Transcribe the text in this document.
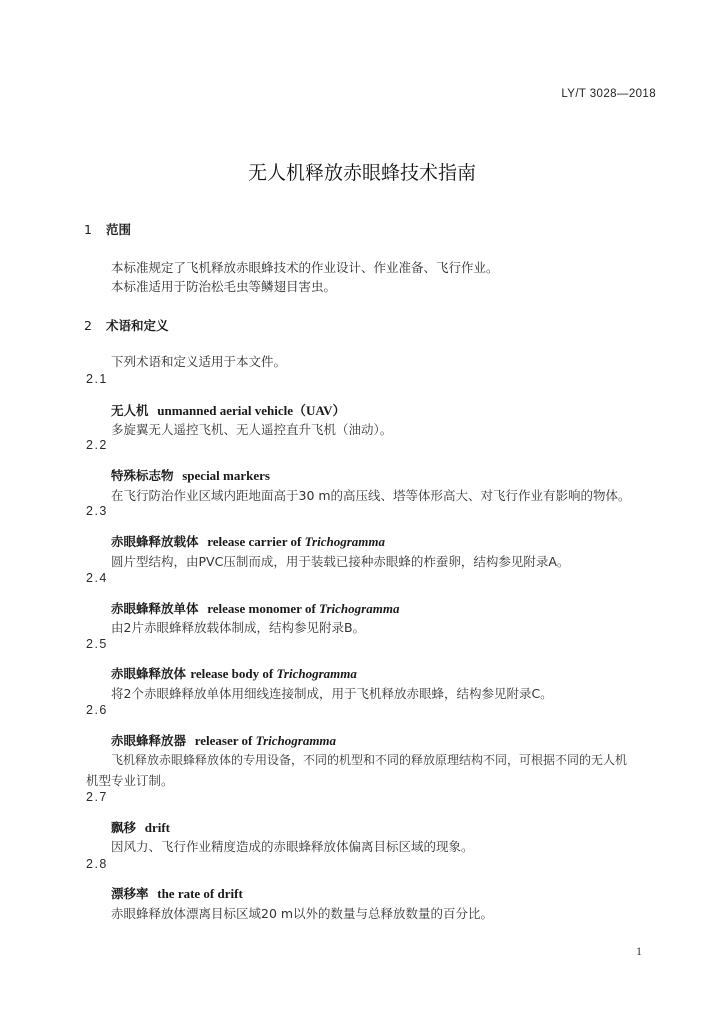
LY/T 3028—2018
无人机释放赤眼蜂技术指南
1 范围
本标准规定了飞机释放赤眼蜂技术的作业设计、作业准备、飞行作业。
本标准适用于防治松毛虫等鳞翅目害虫。
2 术语和定义
下列术语和定义适用于本文件。
2.1
无人机 unmanned aerial vehicle（UAV）
多旋翼无人遥控飞机、无人遥控直升飞机（油动）。
2.2
特殊标志物 special markers
在飞行防治作业区域内距地面高于30 m的高压线、塔等体形高大、对飞行作业有影响的物体。
2.3
赤眼蜂释放载体 release carrier of Trichogramma
圆片型结构，由PVC压制而成，用于装载已接种赤眼蜂的柞蚕卵，结构参见附录A。
2.4
赤眼蜂释放单体 release monomer of Trichogramma
由2片赤眼蜂释放载体制成，结构参见附录B。
2.5
赤眼蜂释放体 release body of Trichogramma
将2个赤眼蜂释放单体用细线连接制成，用于飞机释放赤眼蜂，结构参见附录C。
2.6
赤眼蜂释放器 releaser of Trichogramma
飞机释放赤眼蜂释放体的专用设备，不同的机型和不同的释放原理结构不同，可根据不同的无人机
机型专业订制。
2.7
飘移 drift
因风力、飞行作业精度造成的赤眼蜂释放体偏离目标区域的现象。
2.8
漂移率 the rate of drift
赤眼蜂释放体漂离目标区域20 m以外的数量与总释放数量的百分比。
1
